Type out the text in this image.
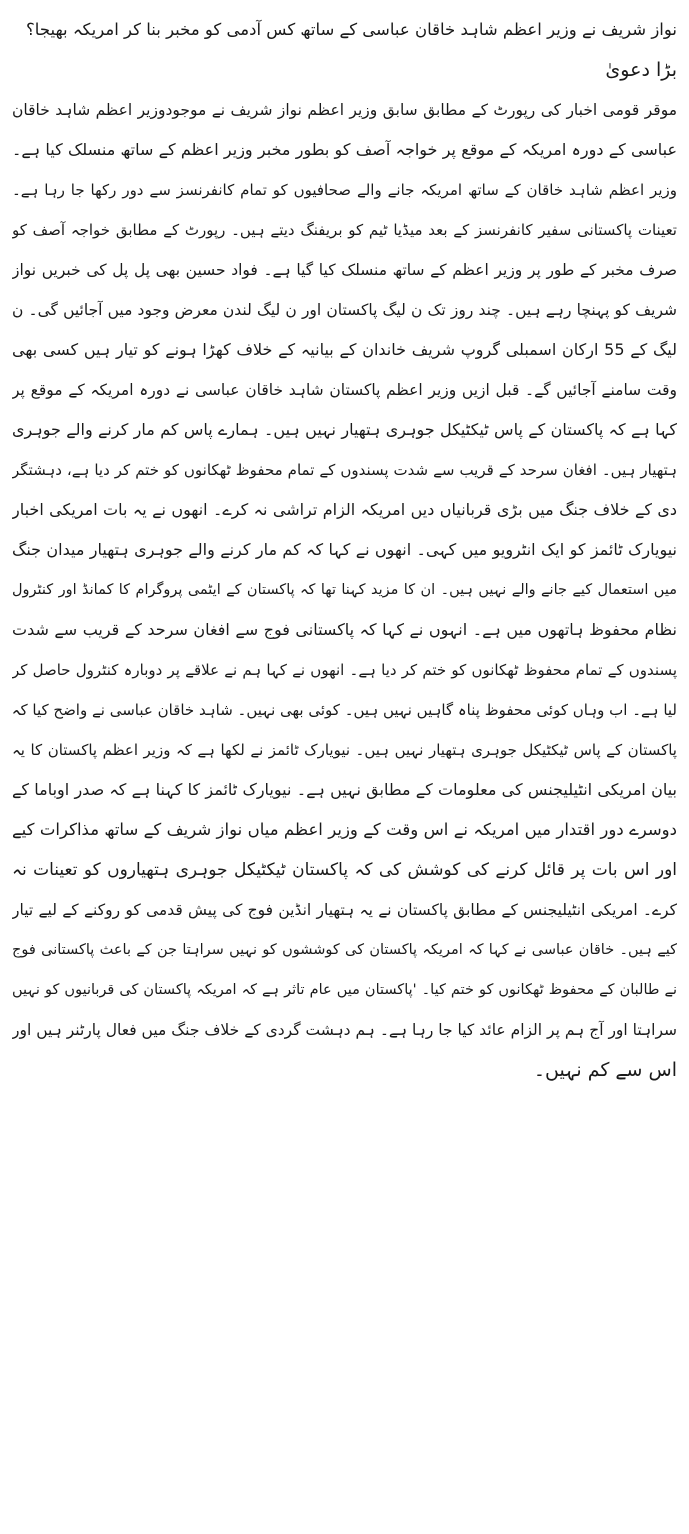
نواز شریف نے وزیر اعظم شاہد خاقان عباسی کے ساتھ کس آدمی کو مخبر بنا کر امریکہ بھیجا؟

بڑا دعویٰ

موقر قومی اخبار کی رپورٹ کے مطابق سابق وزیر اعظم نواز شریف نے موجودوزیر اعظم شاہد خاقان

عباسی کے دورہ امریکہ کے موقع پر خواجہ آصف کو بطور مخبر وزیر اعظم کے ساتھ منسلک کیا ہے۔

وزیر اعظم شاہد خاقان کے ساتھ امریکہ جانے والے صحافیوں کو تمام کانفرنسز سے دور رکھا جا رہا ہے۔

تعینات پاکستانی سفیر کانفرنسز کے بعد میڈیا ٹیم کو بریفنگ دیتے ہیں۔ رپورٹ کے مطابق خواجہ آصف کو

صرف مخبر کے طور پر وزیر اعظم کے ساتھ منسلک کیا گیا ہے۔ فواد حسین بھی پل پل کی خبریں نواز

شریف کو پہنچا رہے ہیں۔ چند روز تک ن لیگ پاکستان اور ن لیگ لندن معرض وجود میں آجائیں گی۔ ن

لیگ کے 55 ارکان اسمبلی گروپ شریف خاندان کے بیانیہ کے خلاف کھڑا ہونے کو تیار ہیں کسی بھی

وقت سامنے آجائیں گے۔ قبل ازیں وزیر اعظم پاکستان شاہد خاقان عباسی نے دورہ امریکہ کے موقع پر

کہا ہے کہ پاکستان کے پاس ٹیکٹیکل جوہری ہتھیار نہیں ہیں۔ ہمارے پاس کم مار کرنے والے جوہری

ہتھیار ہیں۔ افغان سرحد کے قریب سے شدت پسندوں کے تمام محفوظ ٹھکانوں کو ختم کر دیا ہے، دہشتگر

دی کے خلاف جنگ میں بڑی قربانیاں دیں امریکہ الزام تراشی نہ کرے۔ انھوں نے یہ بات امریکی اخبار

نیویارک ٹائمز کو ایک انٹرویو میں کہی۔ انھوں نے کہا کہ کم مار کرنے والے جوہری ہتھیار میدان جنگ

میں استعمال کیے جانے والے نہیں ہیں۔ ان کا مزید کہنا تھا کہ پاکستان کے ایٹمی پروگرام کا کمانڈ اور کنٹرول

نظام محفوظ ہاتھوں میں ہے۔ انہوں نے کہا کہ پاکستانی فوج سے افغان سرحد کے قریب سے شدت

پسندوں کے تمام محفوظ ٹھکانوں کو ختم کر دیا ہے۔ انھوں نے کہا ہم نے علاقے پر دوبارہ کنٹرول حاصل کر

لیا ہے۔ اب وہاں کوئی محفوظ پناہ گاہیں نہیں ہیں۔ کوئی بھی نہیں۔ شاہد خاقان عباسی نے واضح کیا کہ

پاکستان کے پاس ٹیکٹیکل جوہری ہتھیار نہیں ہیں۔ نیویارک ٹائمز نے لکھا ہے کہ وزیر اعظم پاکستان کا یہ

بیان امریکی انٹیلیجنس کی معلومات کے مطابق نہیں ہے۔ نیویارک ٹائمز کا کہنا ہے کہ صدر اوباما کے

دوسرے دور اقتدار میں امریکہ نے اس وقت کے وزیر اعظم میاں نواز شریف کے ساتھ مذاکرات کیے

اور اس بات پر قائل کرنے کی کوشش کی کہ پاکستان ٹیکٹیکل جوہری ہتھیاروں کو تعینات نہ

کرے۔ امریکی انٹیلیجنس کے مطابق پاکستان نے یہ ہتھیار انڈین فوج کی پیش قدمی کو روکنے کے لیے تیار

کیے ہیں۔ خاقان عباسی نے کہا کہ امریکہ پاکستان کی کوششوں کو نہیں سراہتا جن کے باعث پاکستانی فوج

نے طالبان کے محفوظ ٹھکانوں کو ختم کیا۔ 'پاکستان میں عام تاثر ہے کہ امریکہ پاکستان کی قربانیوں کو نہیں

سراہتا اور آج ہم پر الزام عائد کیا جا رہا ہے۔ ہم دہشت گردی کے خلاف جنگ میں فعال پارٹنر ہیں اور

اس سے کم نہیں۔
